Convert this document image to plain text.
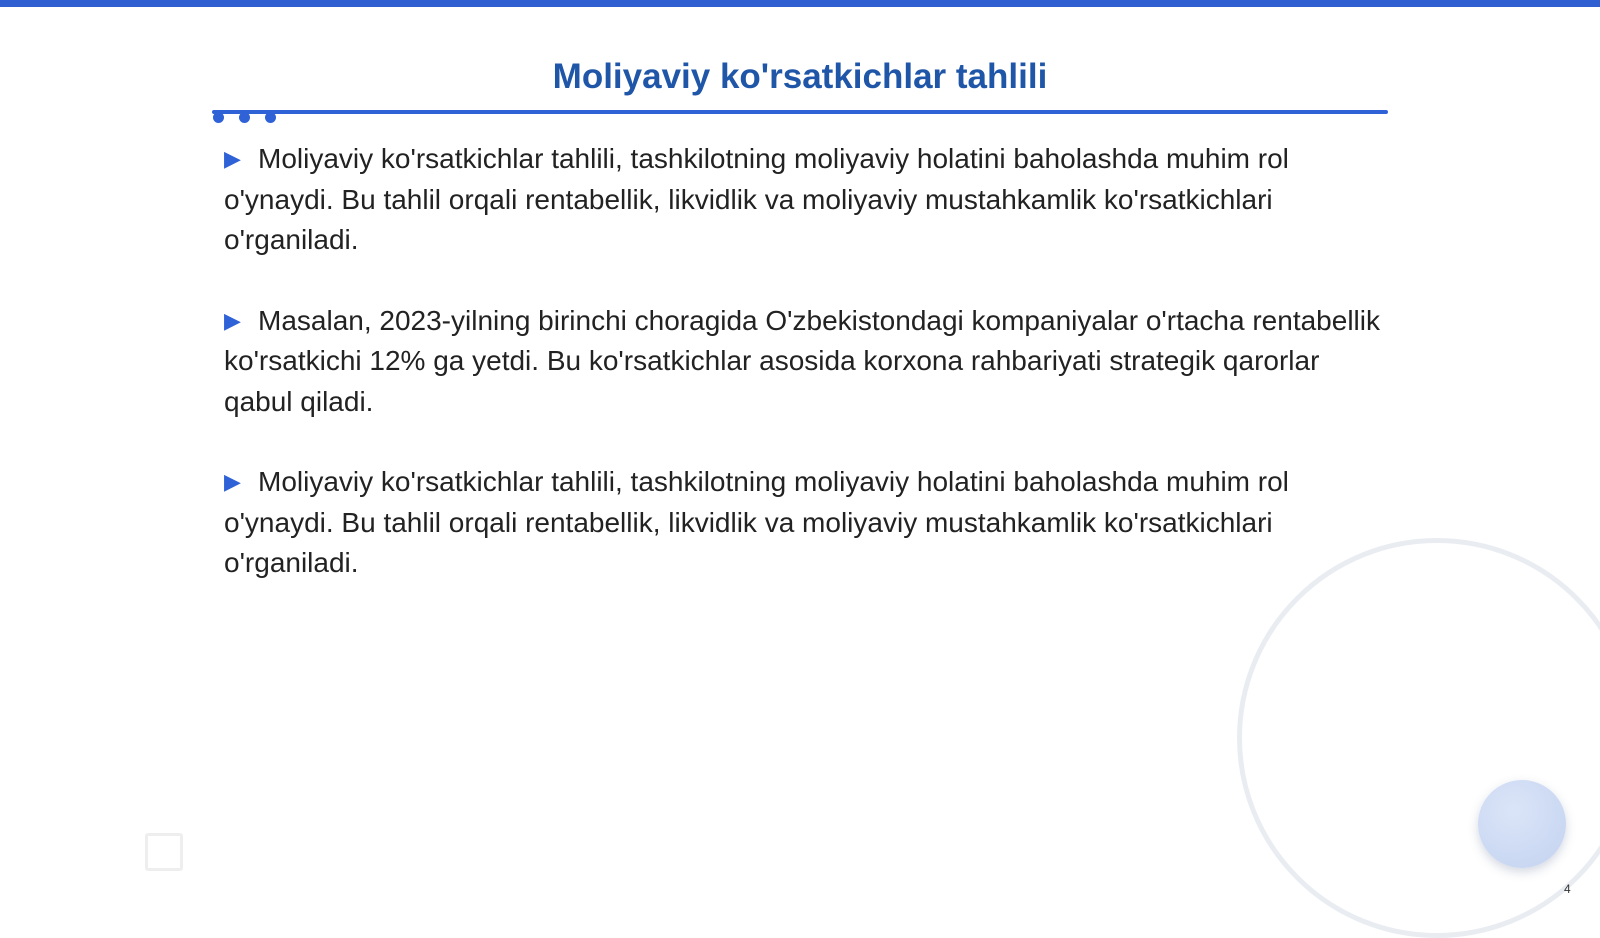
Moliyaviy ko'rsatkichlar tahlili

▶ Moliyaviy ko'rsatkichlar tahlili, tashkilotning moliyaviy holatini baholashda muhim rol o'ynaydi. Bu tahlil orqali rentabellik, likvidlik va moliyaviy mustahkamlik ko'rsatkichlari o'rganiladi.

▶ Masalan, 2023-yilning birinchi choragida O'zbekistondagi kompaniyalar o'rtacha rentabellik ko'rsatkichi 12% ga yetdi. Bu ko'rsatkichlar asosida korxona rahbariyati strategik qarorlar qabul qiladi.

▶ Moliyaviy ko'rsatkichlar tahlili, tashkilotning moliyaviy holatini baholashda muhim rol o'ynaydi. Bu tahlil orqali rentabellik, likvidlik va moliyaviy mustahkamlik ko'rsatkichlari o'rganiladi.

4
